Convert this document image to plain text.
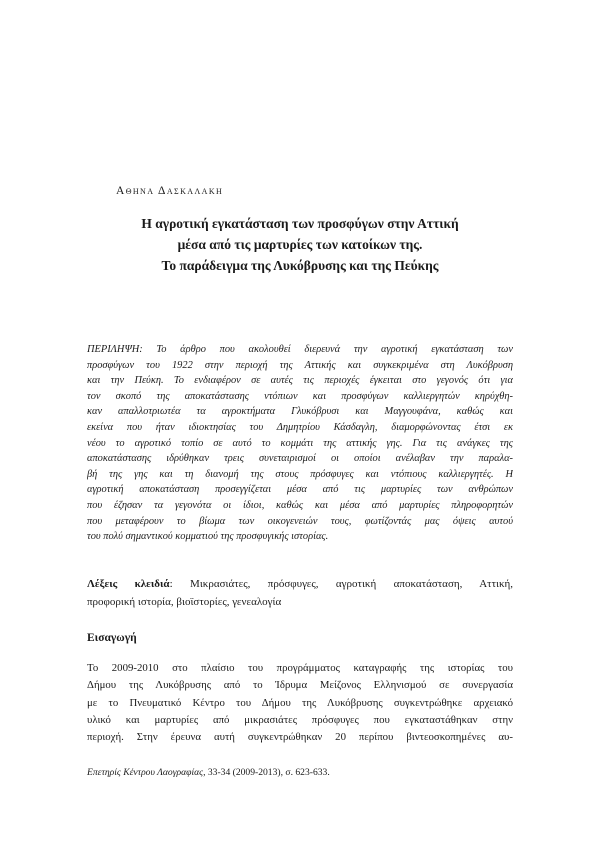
Αθηνα Δασκαλακη
Η αγροτική εγκατάσταση των προσφύγων στην Αττική
μέσα από τις μαρτυρίες των κατοίκων της.
Το παράδειγμα της Λυκόβρυσης και της Πεύκης
ΠΕΡΙΛΗΨΗ: Το άρθρο που ακολουθεί διερευνά την αγροτική εγκατάσταση των
προσφύγων του 1922 στην περιοχή της Αττικής και συγκεκριμένα στη Λυκόβρυση
και την Πεύκη. Το ενδιαφέρον σε αυτές τις περιοχές έγκειται στο γεγονός ότι για
τον σκοπό της αποκατάστασης ντόπιων και προσφύγων καλλιεργητών κηρύχθη-
καν απαλλοτριωτέα τα αγροκτήματα Γλυκόβρυσι και Μαγγουφάνα, καθώς και
εκείνα που ήταν ιδιοκτησίας του Δημητρίου Κάσδαγλη, διαμορφώνοντας έτσι εκ
νέου το αγροτικό τοπίο σε αυτό το κομμάτι της αττικής γης. Για τις ανάγκες της
αποκατάστασης ιδρύθηκαν τρεις συνεταιρισμοί οι οποίοι ανέλαβαν την παραλα-
βή της γης και τη διανομή της στους πρόσφυγες και ντόπιους καλλιεργητές. Η
αγροτική αποκατάσταση προσεγγίζεται μέσα από τις μαρτυρίες των ανθρώπων
που έζησαν τα γεγονότα οι ίδιοι, καθώς και μέσα από μαρτυρίες πληροφορητών
που μεταφέρουν το βίωμα των οικογενειών τους, φωτίζοντάς μας όψεις αυτού
του πολύ σημαντικού κομματιού της προσφυγικής ιστορίας.
Λέξεις κλειδιά: Μικρασιάτες, πρόσφυγες, αγροτική αποκατάσταση, Αττική,
προφορική ιστορία, βιοϊστορίες, γενεαλογία
Εισαγωγή
Το 2009-2010 στο πλαίσιο του προγράμματος καταγραφής της ιστορίας του
Δήμου της Λυκόβρυσης από το Ίδρυμα Μείζονος Ελληνισμού σε συνεργασία
με το Πνευματικό Κέντρο του Δήμου της Λυκόβρυσης συγκεντρώθηκε αρχειακό
υλικό και μαρτυρίες από μικρασιάτες πρόσφυγες που εγκαταστάθηκαν στην
περιοχή. Στην έρευνα αυτή συγκεντρώθηκαν 20 περίπου βιντεοσκοπημένες αυ-
Επετηρίς Κέντρου Λαογραφίας, 33-34 (2009-2013), σ. 623-633.
